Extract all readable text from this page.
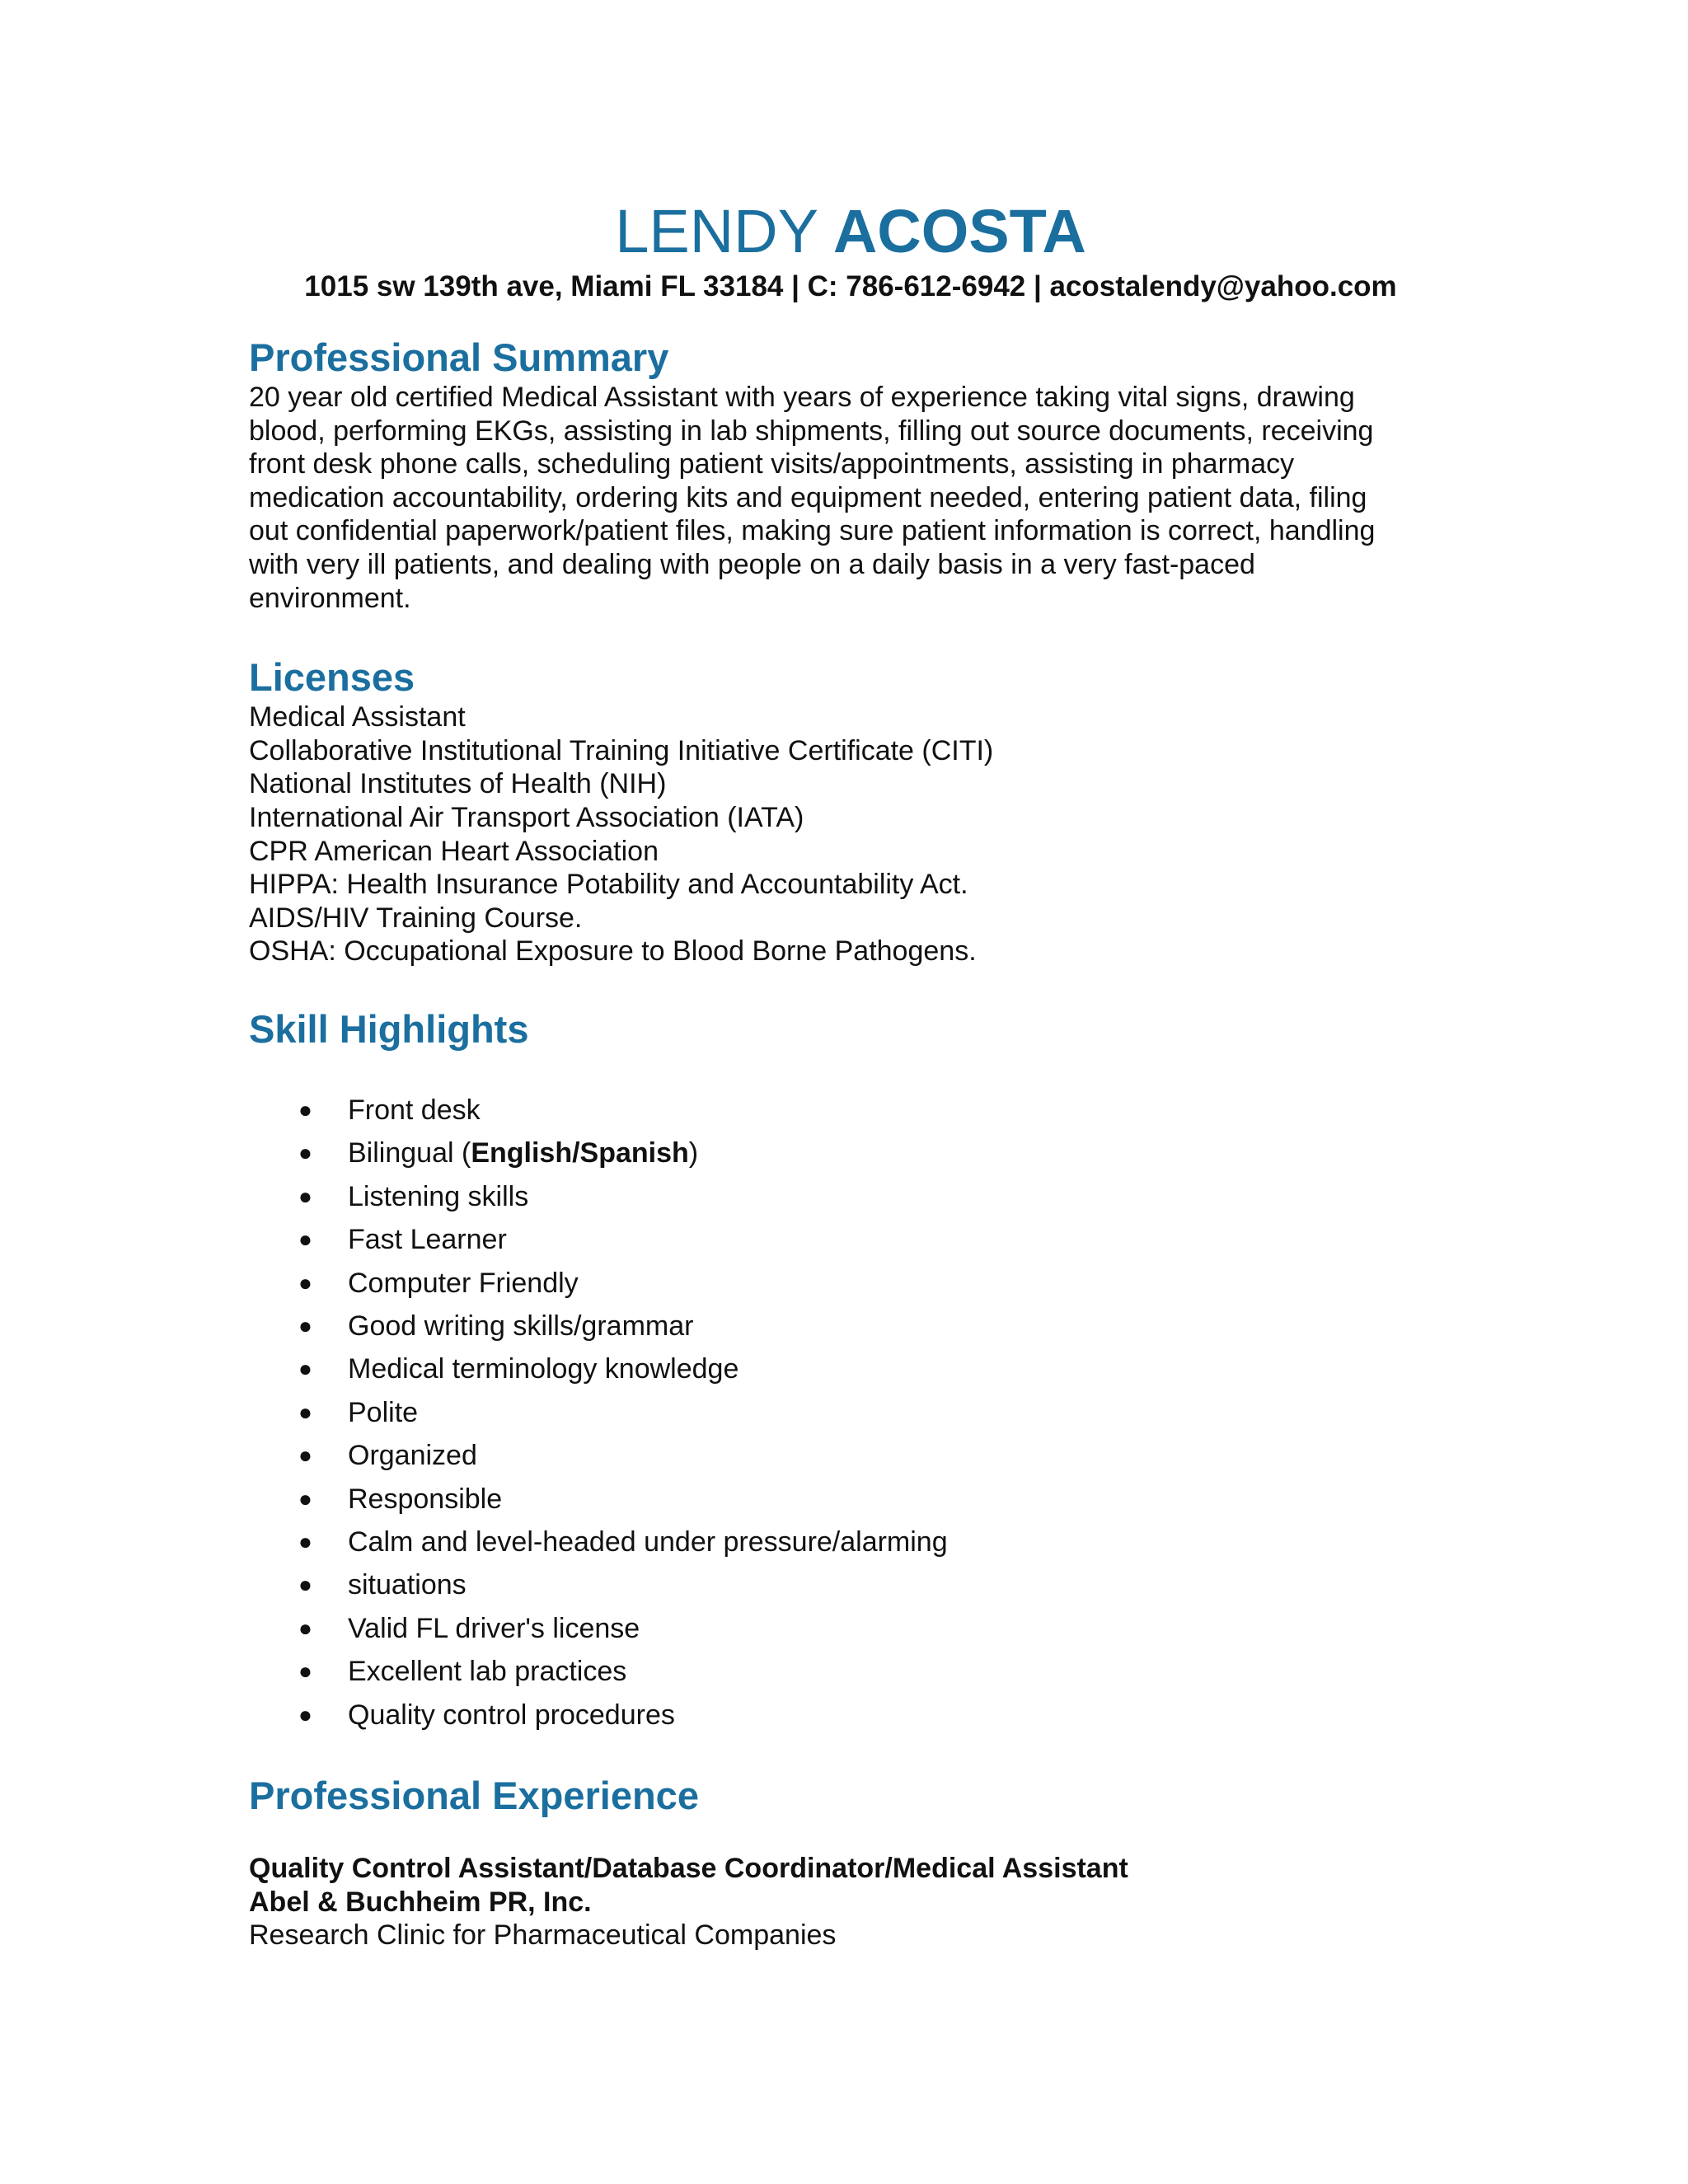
LENDY ACOSTA

1015 sw 139th ave, Miami FL 33184 | C: 786-612-6942 | acostalendy@yahoo.com

Professional Summary

20 year old certified Medical Assistant with years of experience taking vital signs, drawing

blood, performing EKGs, assisting in lab shipments, filling out source documents, receiving

front desk phone calls, scheduling patient visits/appointments, assisting in pharmacy

medication accountability, ordering kits and equipment needed, entering patient data, filing

out confidential paperwork/patient files, making sure patient information is correct, handling

with very ill patients, and dealing with people on a daily basis in a very fast-paced

environment.

Licenses

Medical Assistant

Collaborative Institutional Training Initiative Certificate (CITI)

National Institutes of Health (NIH)

International Air Transport Association (IATA)

CPR American Heart Association

HIPPA: Health Insurance Potability and Accountability Act.

AIDS/HIV Training Course.

OSHA: Occupational Exposure to Blood Borne Pathogens.

Skill Highlights
● Front desk
● Bilingual (English/Spanish)
● Listening skills
● Fast Learner
● Computer Friendly
● Good writing skills/grammar
● Medical terminology knowledge
● Polite
● Organized
● Responsible
● Calm and level-headed under pressure/alarming
● situations
● Valid FL driver's license
● Excellent lab practices
● Quality control procedures
Professional Experience

Quality Control Assistant/Database Coordinator/Medical Assistant

Abel & Buchheim PR, Inc.

Research Clinic for Pharmaceutical Companies
